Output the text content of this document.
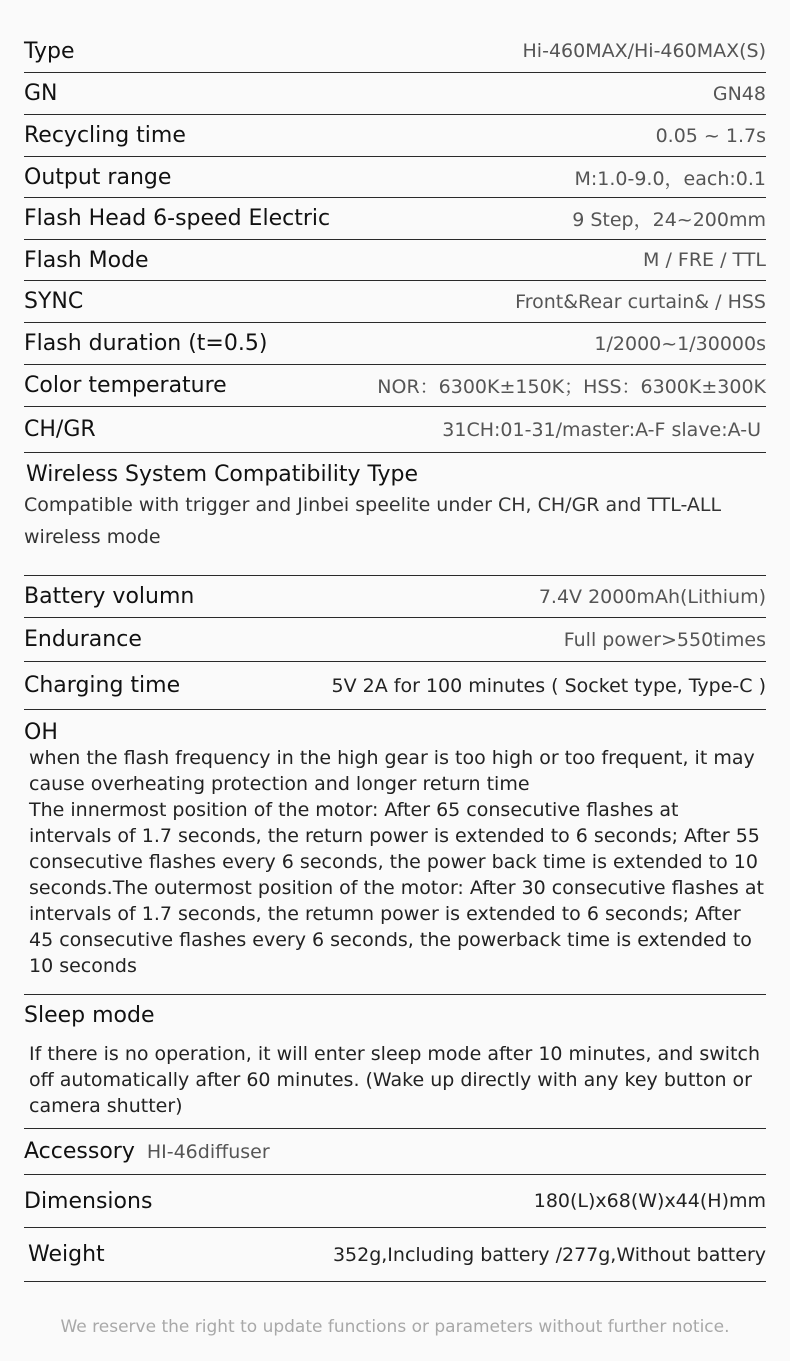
Type	Hi-460MAX/Hi-460MAX(S)
GN	GN48
Recycling time	0.05 ~ 1.7s
Output range	M:1.0-9.0，each:0.1
Flash Head 6-speed Electric	9 Step，24~200mm
Flash Mode	M / FRE / TTL
SYNC	Front&Rear curtain& / HSS
Flash duration (t=0.5)	1/2000~1/30000s
Color temperature	NOR：6300K±150K；HSS：6300K±300K
CH/GR	31CH:01-31/master:A-F slave:A-U
Wireless System Compatibility Type
Compatible with trigger and Jinbei speelite under CH, CH/GR and TTL-ALL wireless mode
Battery volumn	7.4V 2000mAh(Lithium)
Endurance	Full power>550times
Charging time	5V 2A for 100 minutes ( Socket type, Type-C )
OH
when the flash frequency in the high gear is too high or too frequent, it may cause overheating protection and longer return time
The innermost position of the motor: After 65 consecutive flashes at intervals of 1.7 seconds, the return power is extended to 6 seconds; After 55 consecutive flashes every 6 seconds, the power back time is extended to 10 seconds.The outermost position of the motor: After 30 consecutive flashes at intervals of 1.7 seconds, the retumn power is extended to 6 seconds; After 45 consecutive flashes every 6 seconds, the powerback time is extended to 10 seconds
Sleep mode
If there is no operation, it will enter sleep mode after 10 minutes, and switch off automatically after 60 minutes. (Wake up directly with any key button or camera shutter)
Accessory HI-46diffuser
Dimensions	180(L)x68(W)x44(H)mm
Weight	352g,Including battery /277g,Without battery
We reserve the right to update functions or parameters without further notice.
